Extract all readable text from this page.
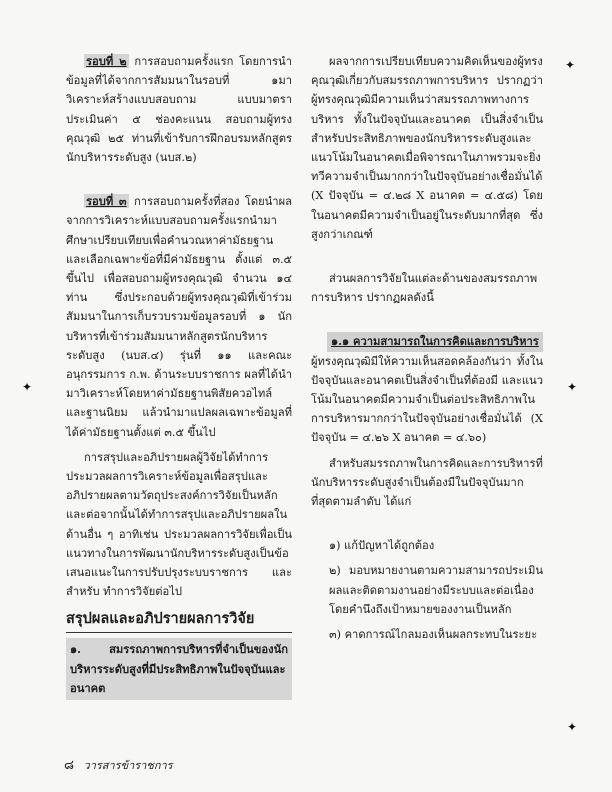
✦
✦	✦
✦

รอบที่ ๒ การสอบถามครั้งแรก โดยการนำข้อมูลที่ได้จากการสัมมนาในรอบที่ ๑มาวิเคราะห์สร้างแบบสอบถาม แบบมาตราประเมินค่า ๕ ช่องคะแนน สอบถามผู้ทรงคุณวุฒิ ๒๕ ท่านที่เข้ารับการฝึกอบรมหลักสูตรนักบริหารระดับสูง (นบส.๒)

รอบที่ ๓ การสอบถามครั้งที่สอง โดยนำผลจากการวิเคราะห์แบบสอบถามครั้งแรกนำมาศึกษาเปรียบเทียบเพื่อคำนวณหาค่ามัธยฐาน และเลือกเฉพาะข้อที่มีค่ามัธยฐาน ตั้งแต่ ๓.๕ ขึ้นไป เพื่อสอบถามผู้ทรงคุณวุฒิ จำนวน ๑๔ ท่าน ซึ่งประกอบด้วยผู้ทรงคุณวุฒิที่เข้าร่วมสัมมนาในการเก็บรวบรวมข้อมูลรอบที่ ๑ นักบริหารที่เข้าร่วมสัมมนาหลักสูตรนักบริหารระดับสูง (นบส.๔) รุ่นที่ ๑๑ และคณะอนุกรรมการ ก.พ. ด้านระบบราชการ ผลที่ได้นำมาวิเคราะห์โดยหาค่ามัธยฐานพิสัยควอไทล์ และฐานนิยม แล้วนำมาแปลผลเฉพาะข้อมูลที่ได้ค่ามัธยฐานตั้งแต่ ๓.๕ ขึ้นไป

การสรุปและอภิปรายผลผู้วิจัยได้ทำการประมวลผลการวิเคราะห์ข้อมูลเพื่อสรุปและอภิปรายผลตามวัตถุประสงค์การวิจัยเป็นหลัก และต่อจากนั้นได้ทำการสรุปและอภิปรายผลในด้านอื่น ๆ อาทิเช่น ประมวลผลการวิจัยเพื่อเป็นแนวทางในการพัฒนานักบริหารระดับสูงเป็นข้อเสนอแนะในการปรับปรุงระบบราชการ และสำหรับ ทำการวิจัยต่อไป

สรุปผลและอภิปรายผลการวิจัย

๑. สมรรถภาพการบริหารที่จำเป็นของนักบริหารระดับสูงที่มีประสิทธิภาพในปัจจุบันและอนาคต

ผลจากการเปรียบเทียบความคิดเห็นของผู้ทรงคุณวุฒิเกี่ยวกับสมรรถภาพการบริหาร ปรากฏว่าผู้ทรงคุณวุฒิมีความเห็นว่าสมรรถภาพทางการบริหาร ทั้งในปัจจุบันและอนาคต เป็นสิ่งจำเป็นสำหรับประสิทธิภาพของนักบริหารระดับสูงและแนวโน้มในอนาคตเมื่อพิจารณาในภาพรวมจะยิ่งทวีความจำเป็นมากกว่าในปัจจุบันอย่างเชื่อมั่นได้ (X ปัจจุบัน = ๔.๒๘ X อนาคต = ๔.๕๘) โดยในอนาคตมีความจำเป็นอยู่ในระดับมากที่สุด ซึ่งสูงกว่าเกณฑ์

ส่วนผลการวิจัยในแต่ละด้านของสมรรถภาพการบริหาร ปรากฏผลดังนี้

๑.๑ ความสามารถในการคิดและการบริหาร

ผู้ทรงคุณวุฒิมีให้ความเห็นสอดคล้องกันว่า ทั้งในปัจจุบันและอนาคตเป็นสิ่งจำเป็นที่ต้องมี และแนวโน้มในอนาคตมีความจำเป็นต่อประสิทธิภาพในการบริหารมากกว่าในปัจจุบันอย่างเชื่อมั่นได้ (X ปัจจุบัน = ๔.๒๖ X อนาคต = ๔.๖๐)

สำหรับสมรรถภาพในการคิดและการบริหารที่นักบริหารระดับสูงจำเป็นต้องมีในปัจจุบันมากที่สุดตามลำดับ ได้แก่

๑) แก้ปัญหาได้ถูกต้อง

๒) มอบหมายงานตามความสามารถประเมินผลและติดตามงานอย่างมีระบบและต่อเนื่อง โดยคำนึงถึงเป้าหมายของงานเป็นหลัก

๓) คาดการณ์ไกลมองเห็นผลกระทบในระยะ

๘ วารสารข้าราชการ
